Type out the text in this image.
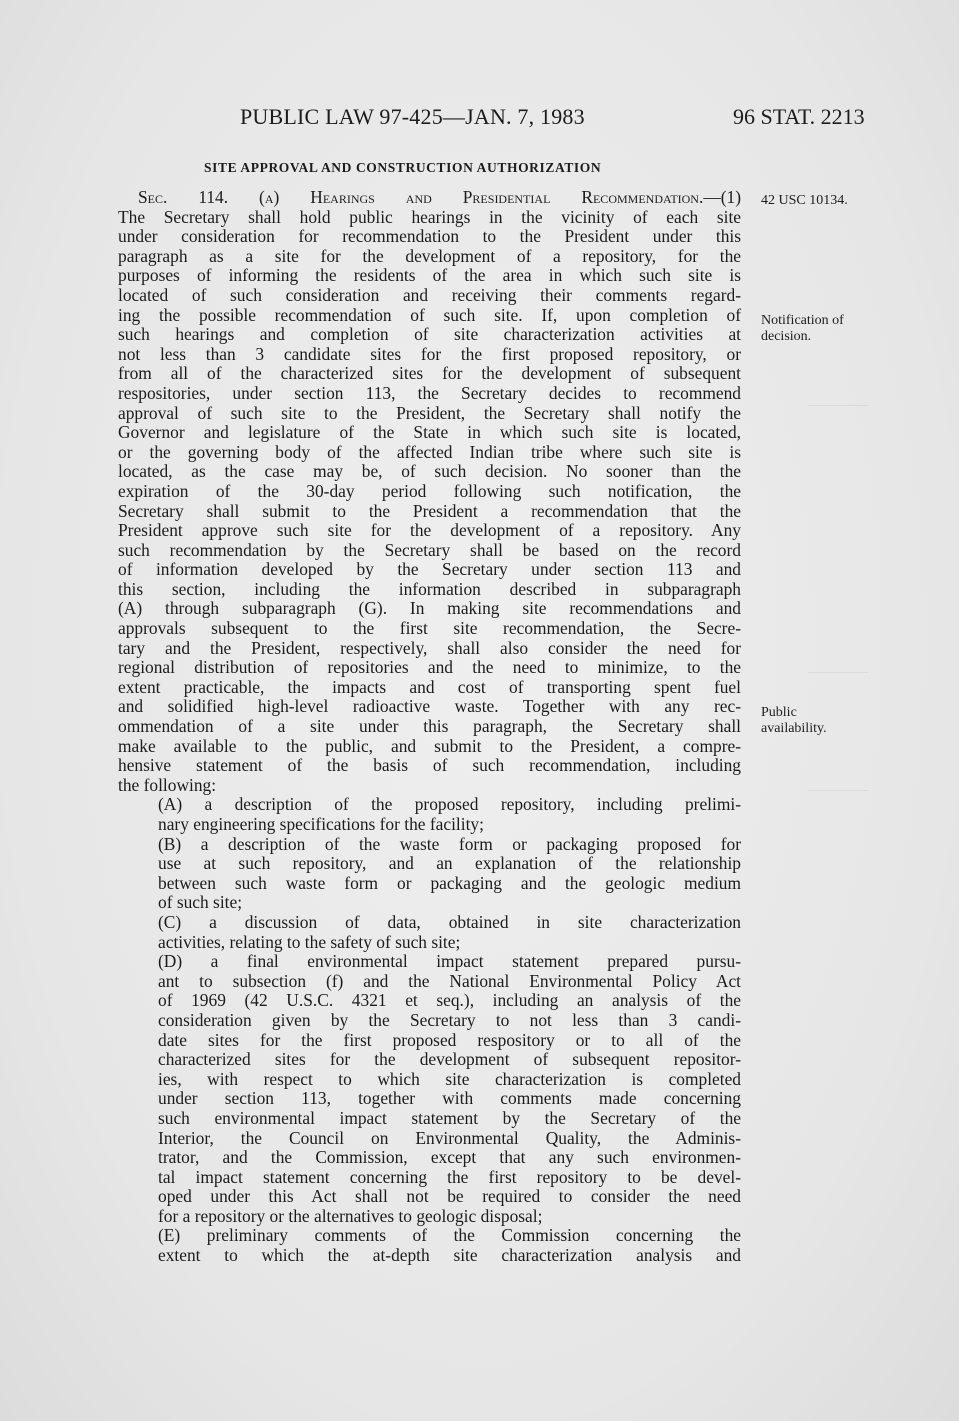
PUBLIC LAW 97-425—JAN. 7, 1983	96 STAT. 2213
SITE APPROVAL AND CONSTRUCTION AUTHORIZATION
42 USC 10134.
Notification of
decision.
Public
availability.

Sec. 114. (a) Hearings and Presidential Recommendation.—(1)

The Secretary shall hold public hearings in the vicinity of each site

under consideration for recommendation to the President under this

paragraph as a site for the development of a repository, for the

purposes of informing the residents of the area in which such site is

located of such consideration and receiving their comments regard-

ing the possible recommendation of such site. If, upon completion of

such hearings and completion of site characterization activities at

not less than 3 candidate sites for the first proposed repository, or

from all of the characterized sites for the development of subsequent

respositories, under section 113, the Secretary decides to recommend

approval of such site to the President, the Secretary shall notify the

Governor and legislature of the State in which such site is located,

or the governing body of the affected Indian tribe where such site is

located, as the case may be, of such decision. No sooner than the

expiration of the 30-day period following such notification, the

Secretary shall submit to the President a recommendation that the

President approve such site for the development of a repository. Any

such recommendation by the Secretary shall be based on the record

of information developed by the Secretary under section 113 and

this section, including the information described in subparagraph

(A) through subparagraph (G). In making site recommendations and

approvals subsequent to the first site recommendation, the Secre-

tary and the President, respectively, shall also consider the need for

regional distribution of repositories and the need to minimize, to the

extent practicable, the impacts and cost of transporting spent fuel

and solidified high-level radioactive waste. Together with any rec-

ommendation of a site under this paragraph, the Secretary shall

make available to the public, and submit to the President, a compre-

hensive statement of the basis of such recommendation, including

the following:

(A) a description of the proposed repository, including prelimi-

nary engineering specifications for the facility;

(B) a description of the waste form or packaging proposed for

use at such repository, and an explanation of the relationship

between such waste form or packaging and the geologic medium

of such site;

(C) a discussion of data, obtained in site characterization

activities, relating to the safety of such site;

(D) a final environmental impact statement prepared pursu-

ant to subsection (f) and the National Environmental Policy Act

of 1969 (42 U.S.C. 4321 et seq.), including an analysis of the

consideration given by the Secretary to not less than 3 candi-

date sites for the first proposed respository or to all of the

characterized sites for the development of subsequent repositor-

ies, with respect to which site characterization is completed

under section 113, together with comments made concerning

such environmental impact statement by the Secretary of the

Interior, the Council on Environmental Quality, the Adminis-

trator, and the Commission, except that any such environmen-

tal impact statement concerning the first repository to be devel-

oped under this Act shall not be required to consider the need

for a repository or the alternatives to geologic disposal;

(E) preliminary comments of the Commission concerning the

extent to which the at-depth site characterization analysis and
